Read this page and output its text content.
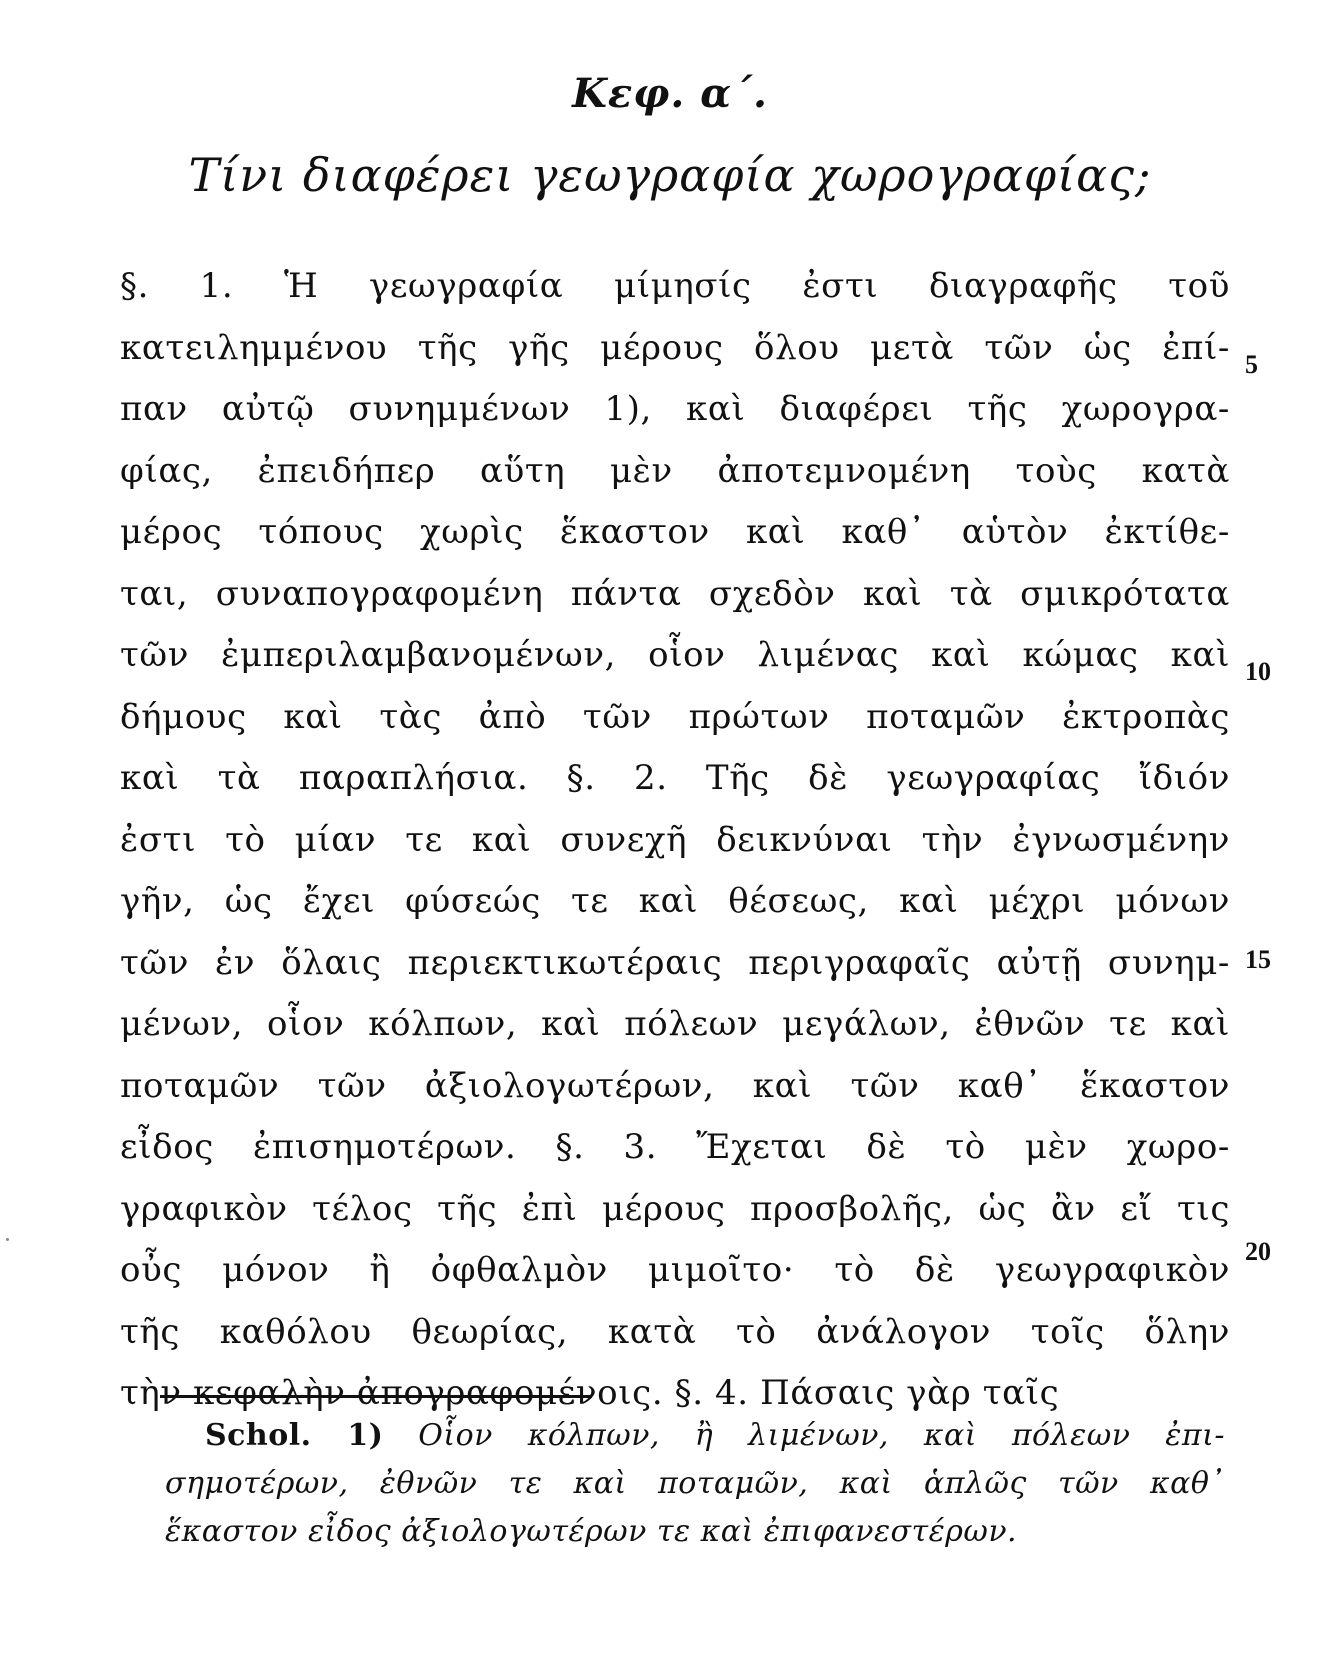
Κεφ. α΄.
Τίνι διαφέρει γεωγραφία χωρογραφίας;
§. 1. Ἡ γεωγραφία μίμησίς ἐστι διαγραφῆς τοῦ
κατειλημμένου τῆς γῆς μέρους ὅλου μετὰ τῶν ὡς ἐπί-
παν αὐτῷ συνημμένων 1), καὶ διαφέρει τῆς χωρογρα-
φίας, ἐπειδήπερ αὕτη μὲν ἀποτεμνομένη τοὺς κατὰ
μέρος τόπους χωρὶς ἕκαστον καὶ καθ᾽ αὑτὸν ἐκτίθε-
ται, συναπογραφομένη πάντα σχεδὸν καὶ τὰ σμικρότατα
τῶν ἐμπεριλαμβανομένων, οἷον λιμένας καὶ κώμας καὶ
δήμους καὶ τὰς ἀπὸ τῶν πρώτων ποταμῶν ἐκτροπὰς
καὶ τὰ παραπλήσια. §. 2. Τῆς δὲ γεωγραφίας ἴδιόν
ἐστι τὸ μίαν τε καὶ συνεχῆ δεικνύναι τὴν ἐγνωσμένην
γῆν, ὡς ἔχει φύσεώς τε καὶ θέσεως, καὶ μέχρι μόνων
τῶν ἐν ὅλαις περιεκτικωτέραις περιγραφαῖς αὐτῇ συνημ-
μένων, οἷον κόλπων, καὶ πόλεων μεγάλων, ἐθνῶν τε καὶ
ποταμῶν τῶν ἀξιολογωτέρων, καὶ τῶν καθ᾽ ἕκαστον
εἶδος ἐπισημοτέρων. §. 3. Ἔχεται δὲ τὸ μὲν χωρο-
γραφικὸν τέλος τῆς ἐπὶ μέρους προσβολῆς, ὡς ἂν εἴ τις
οὖς μόνον ἢ ὀφθαλμὸν μιμοῖτο· τὸ δὲ γεωγραφικὸν
τῆς καθόλου θεωρίας, κατὰ τὸ ἀνάλογον τοῖς ὅλην
τὴν κεφαλὴν ἀπογραφομένοις. §. 4. Πάσαις γὰρ ταῖς
5
10
15
20
Schol. 1) Οἷον κόλπων, ἢ λιμένων, καὶ πόλεων ἐπι-
σημοτέρων, ἐθνῶν τε καὶ ποταμῶν, καὶ ἁπλῶς τῶν καθ᾽
ἕκαστον εἶδος ἀξιολογωτέρων τε καὶ ἐπιφανεστέρων.
